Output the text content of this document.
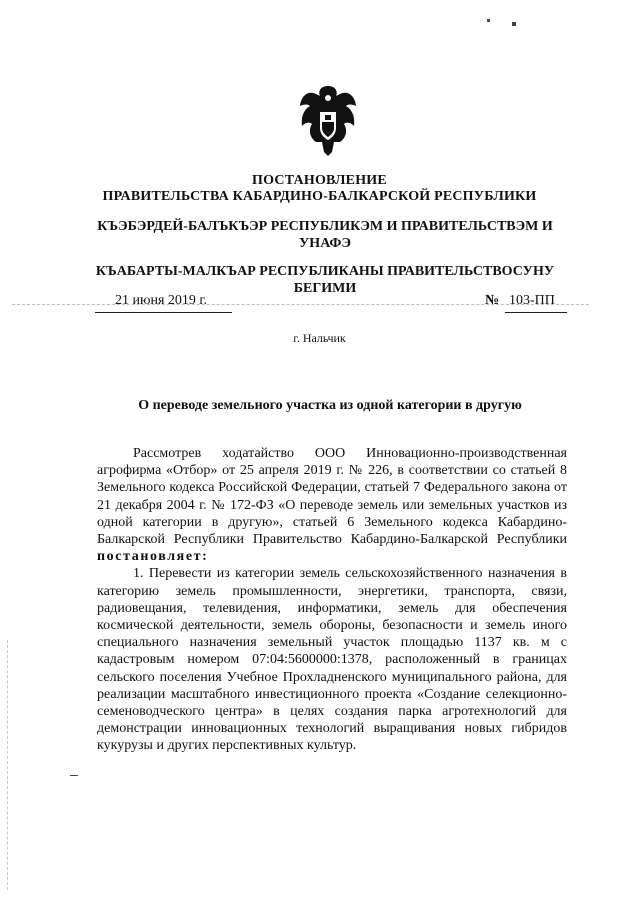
ПОСТАНОВЛЕНИЕ
ПРАВИТЕЛЬСТВА КАБАРДИНО-БАЛКАРСКОЙ РЕСПУБЛИКИ
КЪЭБЭРДЕЙ-БАЛЪКЪЭР РЕСПУБЛИКЭМ И ПРАВИТЕЛЬСТВЭМ И УНАФЭ
КЪАБАРТЫ-МАЛКЪАР РЕСПУБЛИКАНЫ ПРАВИТЕЛЬСТВОСУНУ БЕГИМИ
21 июня 2019 г.	№ 103-ПП
г. Нальчик
О переводе земельного участка из одной категории в другую

Рассмотрев ходатайство ООО Инновационно-производственная агрофирма «Отбор» от 25 апреля 2019 г. № 226, в соответствии со статьей 8 Земельного кодекса Российской Федерации, статьей 7 Федерального закона от 21 декабря 2004 г. № 172-ФЗ «О переводе земель или земельных участков из одной категории в другую», статьей 6 Земельного кодекса Кабардино-Балкарской Республики Правительство Кабардино-Балкарской Республики постановляет:

1. Перевести из категории земель сельскохозяйственного назначения в категорию земель промышленности, энергетики, транспорта, связи, радиовещания, телевидения, информатики, земель для обеспечения космической деятельности, земель обороны, безопасности и земель иного специального назначения земельный участок площадью 1137 кв. м с кадастровым номером 07:04:5600000:1378, расположенный в границах сельского поселения Учебное Прохладненского муниципального района, для реализации масштабного инвестиционного проекта «Создание селекционно-семеноводческого центра» в целях создания парка агротехнологий для демонстрации инновационных технологий выращивания новых гибридов кукурузы и других перспективных культур.
